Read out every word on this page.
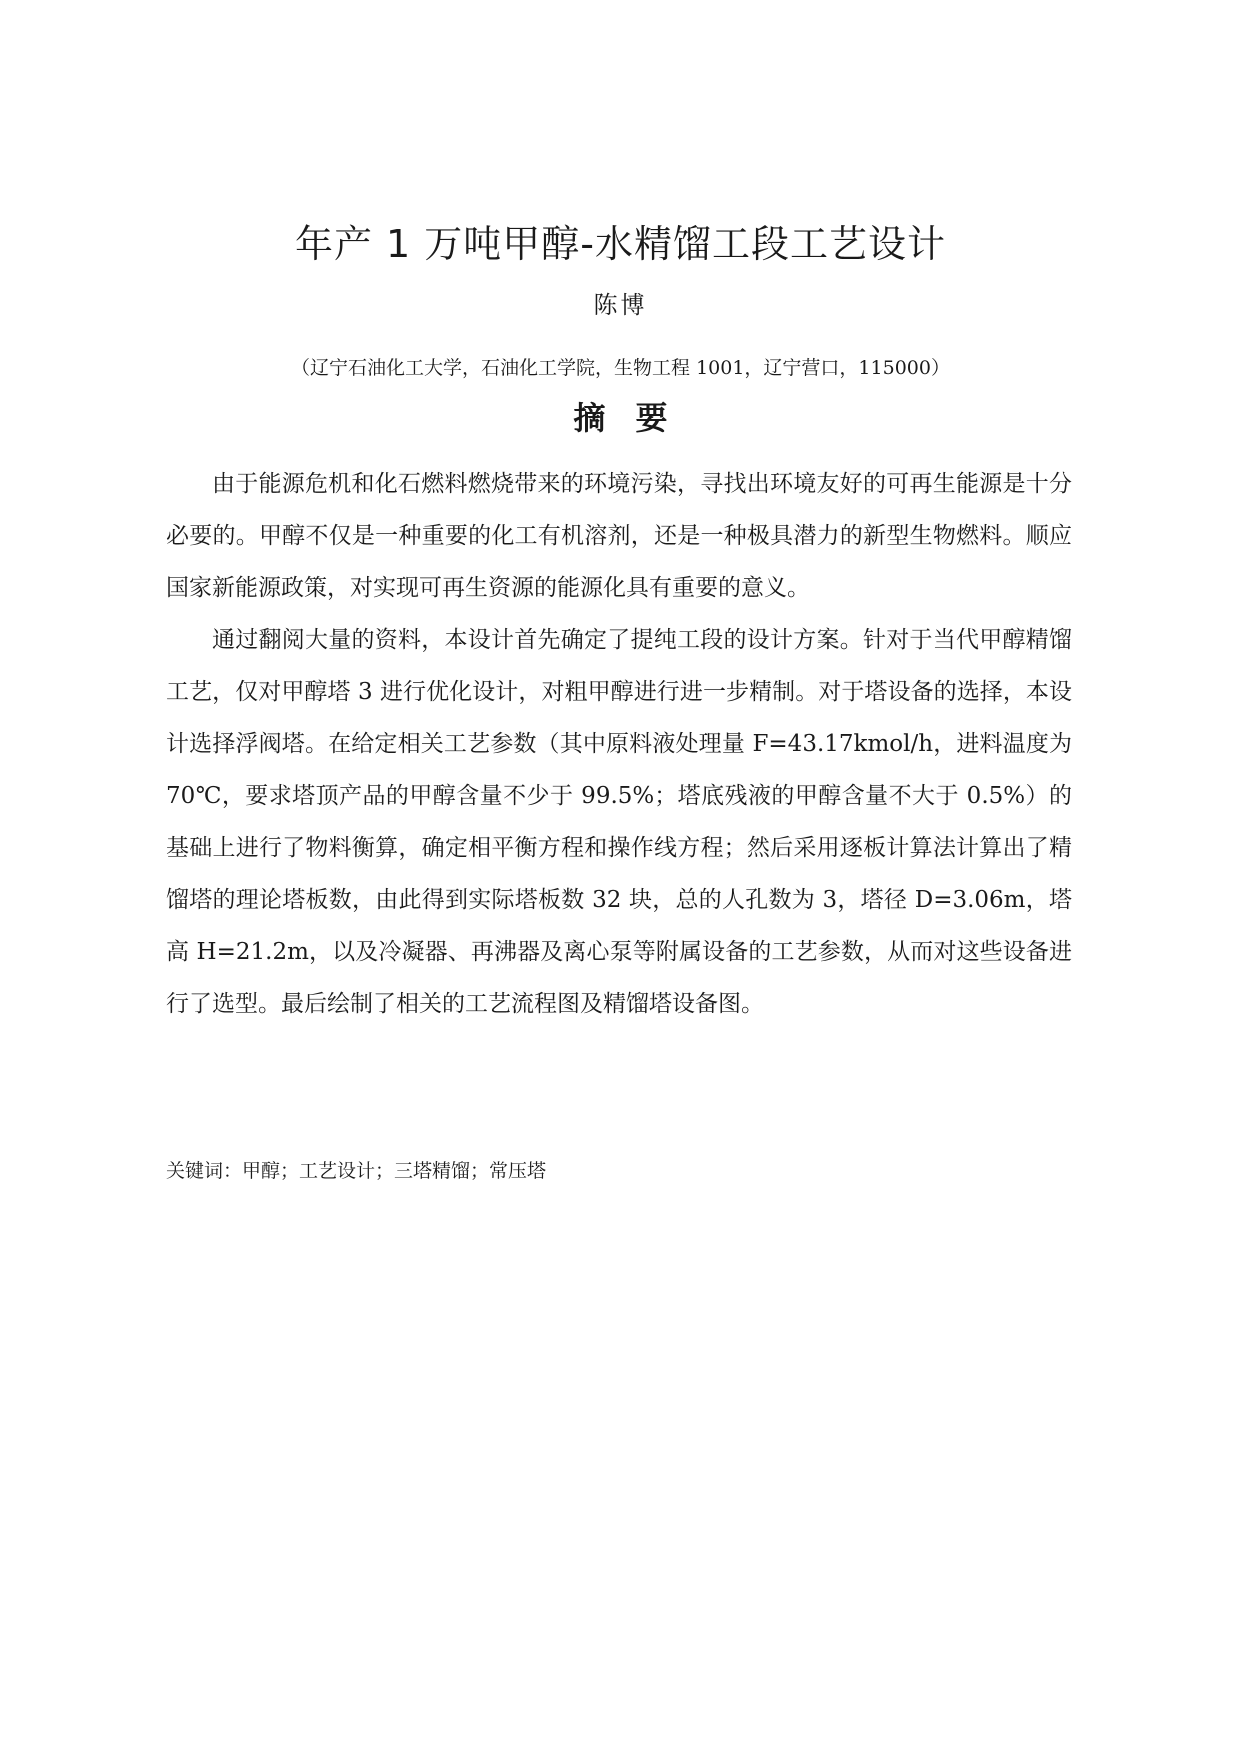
年产 1 万吨甲醇-水精馏工段工艺设计

陈博

（辽宁石油化工大学，石油化工学院，生物工程 1001，辽宁营口，115000）

摘要

由于能源危机和化石燃料燃烧带来的环境污染，寻找出环境友好的可再生能源是十分必要的。甲醇不仅是一种重要的化工有机溶剂，还是一种极具潜力的新型生物燃料。顺应国家新能源政策，对实现可再生资源的能源化具有重要的意义。

通过翻阅大量的资料，本设计首先确定了提纯工段的设计方案。针对于当代甲醇精馏工艺，仅对甲醇塔 3 进行优化设计，对粗甲醇进行进一步精制。对于塔设备的选择，本设计选择浮阀塔。在给定相关工艺参数（其中原料液处理量 F=43.17kmol/h，进料温度为 70℃，要求塔顶产品的甲醇含量不少于 99.5%；塔底残液的甲醇含量不大于 0.5%）的基础上进行了物料衡算，确定相平衡方程和操作线方程；然后采用逐板计算法计算出了精馏塔的理论塔板数，由此得到实际塔板数 32 块，总的人孔数为 3，塔径 D=3.06m，塔高 H=21.2m，以及冷凝器、再沸器及离心泵等附属设备的工艺参数，从而对这些设备进行了选型。最后绘制了相关的工艺流程图及精馏塔设备图。

关键词：甲醇；工艺设计；三塔精馏；常压塔
